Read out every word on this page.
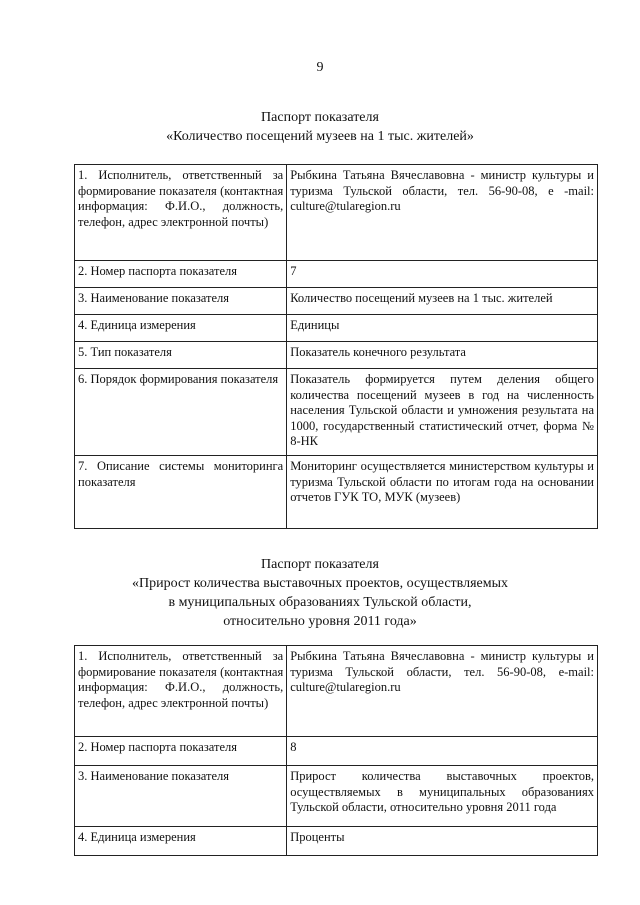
9
Паспорт показателя
«Количество посещений музеев на 1 тыс. жителей»
1. Исполнитель, ответственный за формирование показателя (контактная информация: Ф.И.О., должность, телефон, адрес электронной почты)	Рыбкина Татьяна Вячеславовна - министр культуры и туризма Тульской области, тел. 56-90-08, е -mail: culture@tularegion.ru
2. Номер паспорта показателя	7
3. Наименование показателя	Количество посещений музеев на 1 тыс. жителей
4. Единица измерения	Единицы
5. Тип показателя	Показатель конечного результата
6. Порядок формирования показателя	Показатель формируется путем деления общего количества посещений музеев в год на численность населения Тульской области и умножения результата на 1000, государственный статистический отчет, форма № 8-НК
7. Описание системы мониторинга показателя	Мониторинг осуществляется министерством культуры и туризма Тульской области по итогам года на основании отчетов ГУК ТО, МУК (музеев)
Паспорт показателя
«Прирост количества выставочных проектов, осуществляемых
в муниципальных образованиях Тульской области,
относительно уровня 2011 года»
1. Исполнитель, ответственный за формирование показателя (контактная информация: Ф.И.О., должность, телефон, адрес электронной почты)	Рыбкина Татьяна Вячеславовна - министр культуры и туризма Тульской области, тел. 56-90-08, e-mail: culture@tularegion.ru
2. Номер паспорта показателя	8
3. Наименование показателя	Прирост количества выставочных проектов, осуществляемых в муниципальных образованиях Тульской области, относительно уровня 2011 года
4. Единица измерения	Проценты
